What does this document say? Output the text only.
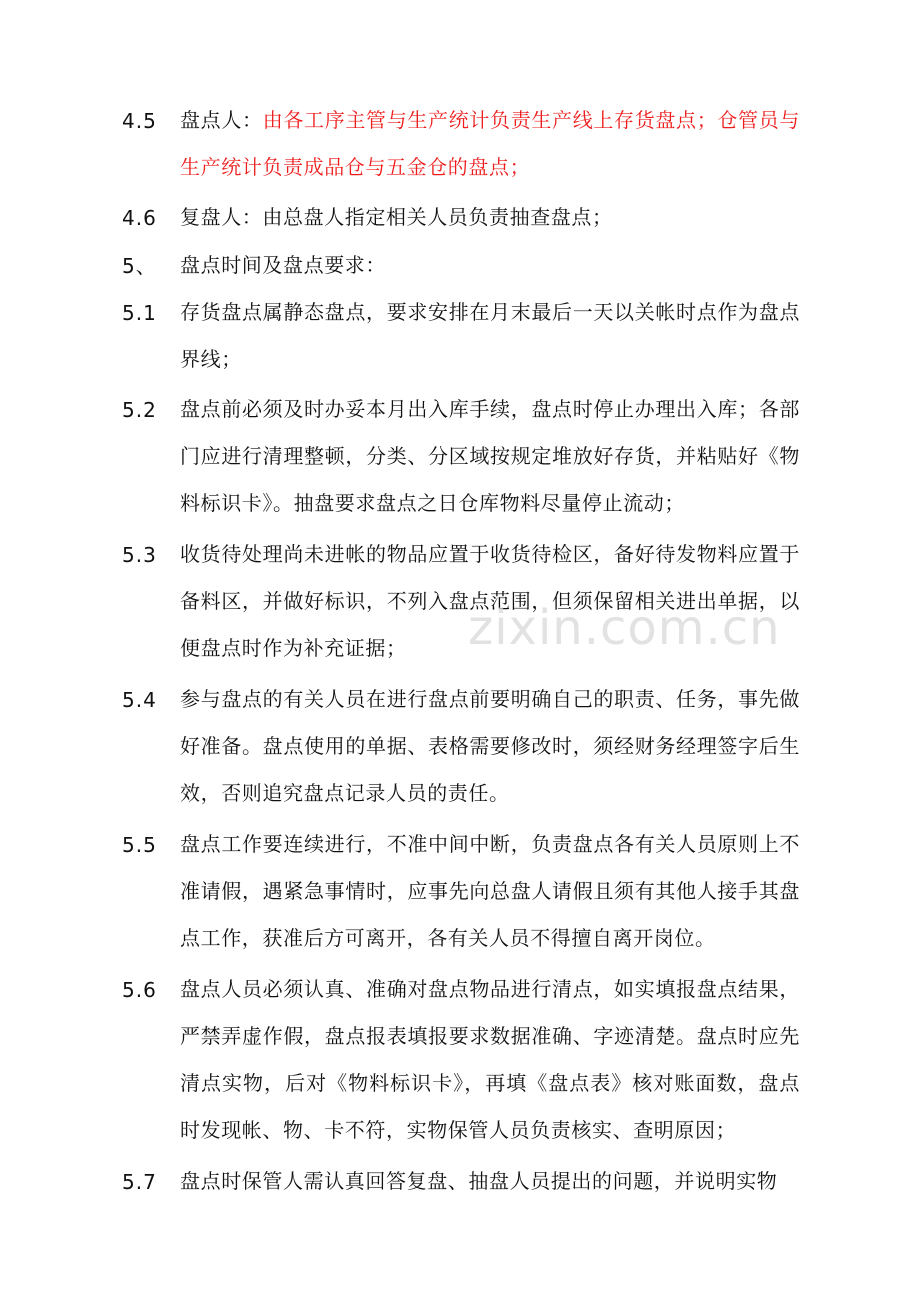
4.5 盘点人：由各工序主管与生产统计负责生产线上存货盘点；仓管员与生产统计负责成品仓与五金仓的盘点；
4.6 复盘人：由总盘人指定相关人员负责抽查盘点；
5、 盘点时间及盘点要求：
5.1 存货盘点属静态盘点，要求安排在月末最后一天以关帐时点作为盘点界线；
5.2 盘点前必须及时办妥本月出入库手续，盘点时停止办理出入库；各部门应进行清理整顿，分类、分区域按规定堆放好存货，并粘贴好《物料标识卡》。抽盘要求盘点之日仓库物料尽量停止流动；
5.3 收货待处理尚未进帐的物品应置于收货待检区，备好待发物料应置于备料区，并做好标识，不列入盘点范围，但须保留相关进出单据，以便盘点时作为补充证据；
5.4 参与盘点的有关人员在进行盘点前要明确自己的职责、任务，事先做好准备。盘点使用的单据、表格需要修改时，须经财务经理签字后生效，否则追究盘点记录人员的责任。
5.5 盘点工作要连续进行，不准中间中断，负责盘点各有关人员原则上不准请假，遇紧急事情时，应事先向总盘人请假且须有其他人接手其盘点工作，获准后方可离开，各有关人员不得擅自离开岗位。
5.6 盘点人员必须认真、准确对盘点物品进行清点，如实填报盘点结果，严禁弄虚作假，盘点报表填报要求数据准确、字迹清楚。盘点时应先清点实物，后对《物料标识卡》，再填《盘点表》核对账面数，盘点时发现帐、物、卡不符，实物保管人员负责核实、查明原因；
5.7 盘点时保管人需认真回答复盘、抽盘人员提出的问题，并说明实物
zixin.com.cn
